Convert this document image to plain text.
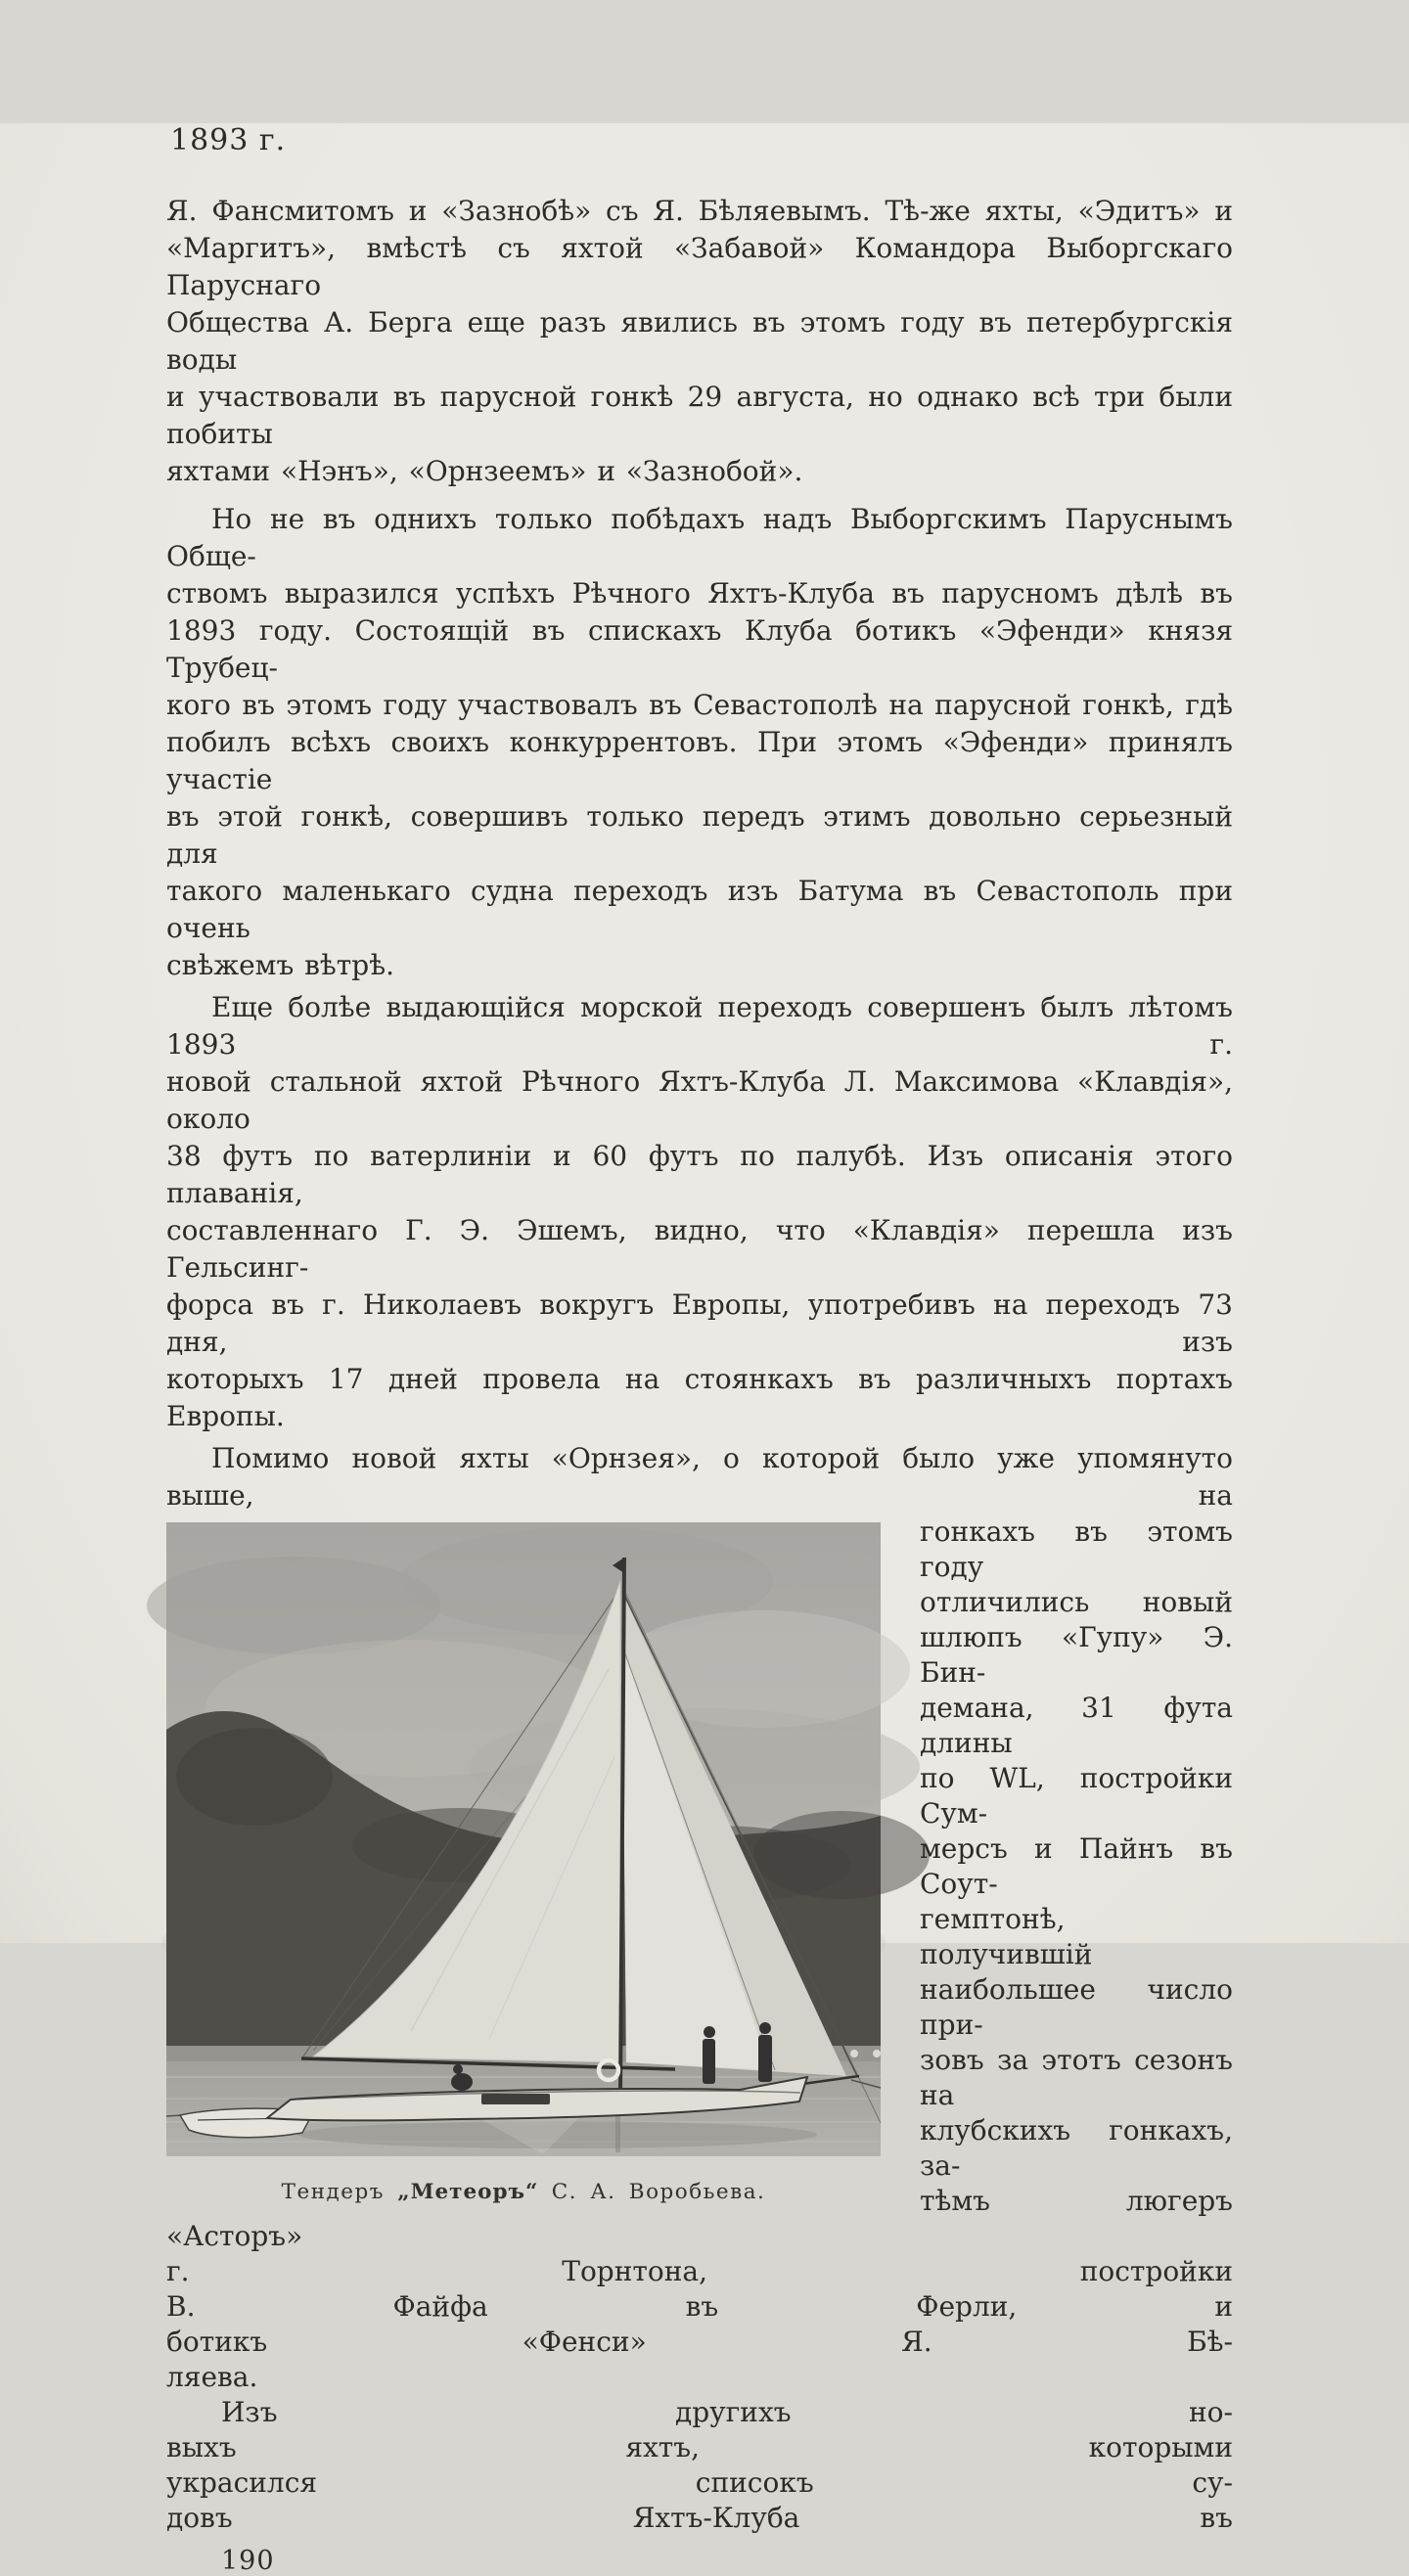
1893 г.
Я. Фансмитомъ и «Зазнобѣ» съ Я. Бѣляевымъ. Тѣ-же яхты, «Эдитъ» и
«Маргитъ», вмѣстѣ съ яхтой «Забавой» Командора Выборгскаго Паруснаго
Общества А. Берга еще разъ явились въ этомъ году въ петербургскія воды
и участвовали въ парусной гонкѣ 29 августа, но однако всѣ три были побиты
яхтами «Нэнъ», «Орнзеемъ» и «Зазнобой».
Но не въ однихъ только побѣдахъ надъ Выборгскимъ Паруснымъ Обще-
ствомъ выразился успѣхъ Рѣчного Яхтъ-Клуба въ парусномъ дѣлѣ въ
1893 году. Состоящій въ спискахъ Клуба ботикъ «Эфенди» князя Трубец-
кого въ этомъ году участвовалъ въ Севастополѣ на парусной гонкѣ, гдѣ
побилъ всѣхъ своихъ конкуррентовъ. При этомъ «Эфенди» принялъ участіе
въ этой гонкѣ, совершивъ только передъ этимъ довольно серьезный для
такого маленькаго судна переходъ изъ Батума въ Севастополь при очень
свѣжемъ вѣтрѣ.
Еще болѣе выдающійся морской переходъ совершенъ былъ лѣтомъ 1893 г.
новой стальной яхтой Рѣчного Яхтъ-Клуба Л. Максимова «Клавдія», около
38 футъ по ватерлиніи и 60 футъ по палубѣ. Изъ описанія этого плаванія,
составленнаго Г. Э. Эшемъ, видно, что «Клавдія» перешла изъ Гельсинг-
форса въ г. Николаевъ вокругъ Европы, употребивъ на переходъ 73 дня, изъ
которыхъ 17 дней провела на стоянкахъ въ различныхъ портахъ Европы.
Помимо новой яхты «Орнзея», о которой было уже упомянуто выше, на
Тендеръ „Метеоръ“ С. А. Воробьева.
гонкахъ въ этомъ году
отличились новый
шлюпъ «Гупу» Э. Бин-
демана, 31 фута длины
по WL, постройки Сум-
мерсъ и Пайнъ въ Соут-
гемптонѣ, получившій
наибольшее число при-
зовъ за этотъ сезонъ на
клубскихъ гонкахъ, за-
тѣмъ люгеръ «Асторъ»
г. Торнтона, постройки
В. Файфа въ Ферли, и
ботикъ «Фенси» Я. Бѣ-
ляева.
Изъ другихъ но-
выхъ яхтъ, которыми
украсился списокъ су-
довъ Яхтъ-Клуба въ
190
